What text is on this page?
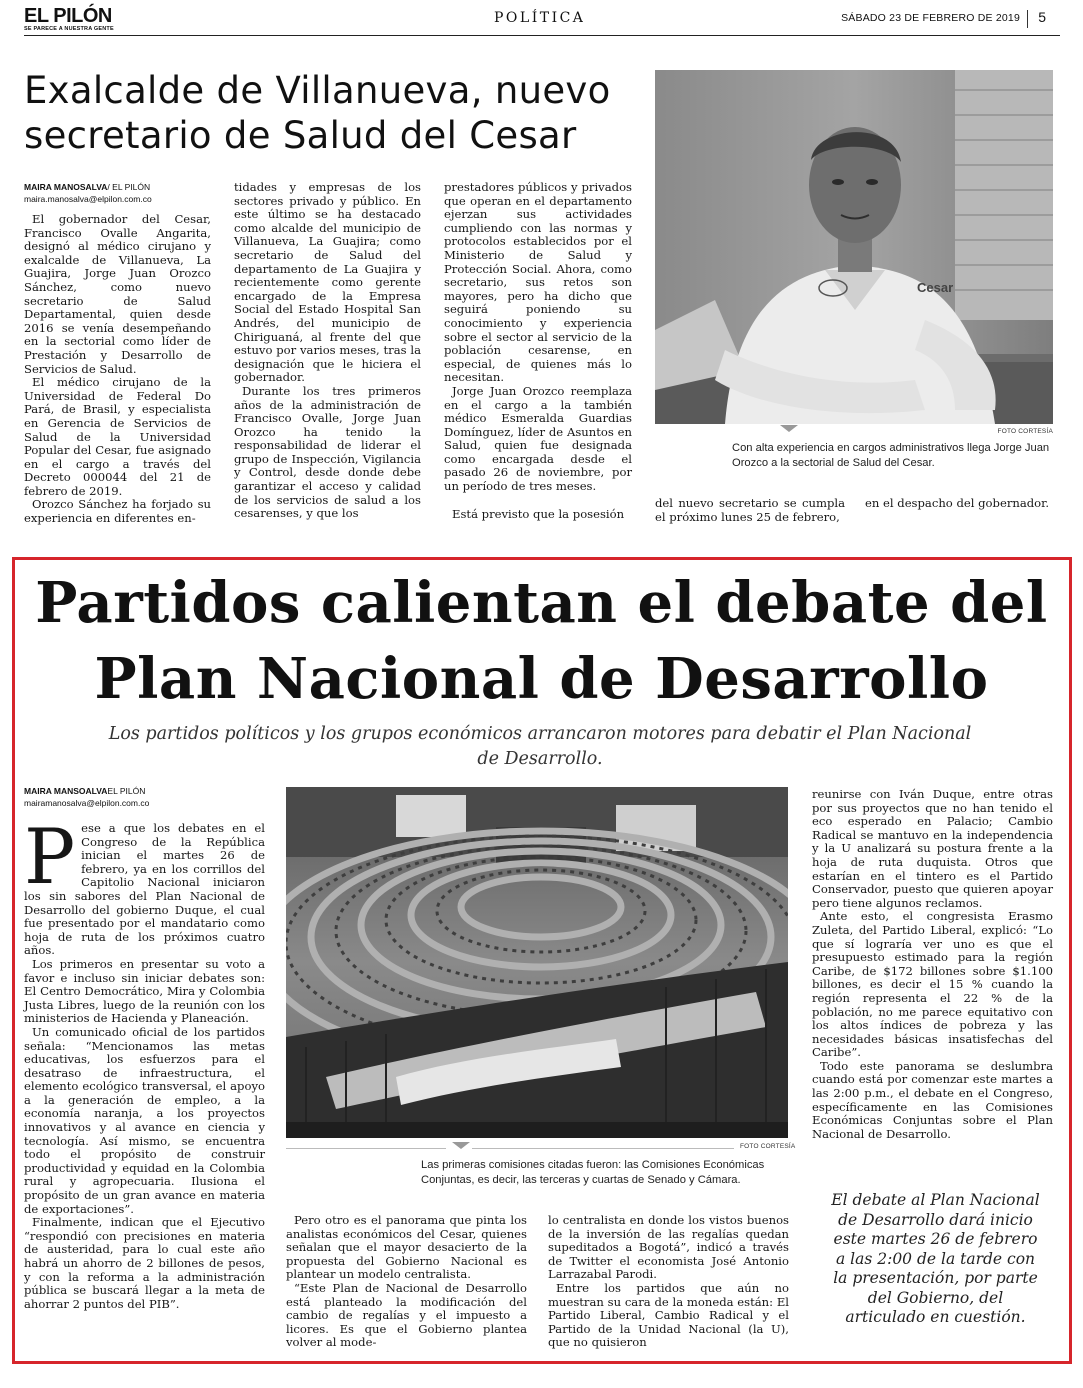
EL PILÓN
SE PARECE A NUESTRA GENTE
POLÍTICA	SÁBADO 23 DE FEBRERO DE 2019 5
Exalcalde de Villanueva, nuevo
secretario de Salud del Cesar
MAIRA MANOSALVA/ EL PILÓN
maira.manosalva@elpilon.com.co

El gobernador del Cesar, Francisco Ovalle Angarita, designó al médico cirujano y exalcalde de Villanueva, La Guajira, Jorge Juan Orozco Sánchez, como nuevo secretario de Salud Departamental, quien desde 2016 se venía desempeñando en la sectorial como líder de Prestación y Desarrollo de Servicios de Salud.

El médico cirujano de la Universidad de Federal Do Pará, de Brasil, y especialista en Gerencia de Servicios de Salud de la Universidad Popular del Cesar, fue asignado en el cargo a través del Decreto 000044 del 21 de febrero de 2019.

Orozco Sánchez ha forjado su experiencia en diferentes en-

tidades y empresas de los sectores privado y público. En este último se ha destacado como alcalde del municipio de Villanueva, La Guajira; como secretario de Salud del departamento de La Guajira y recientemente como gerente encargado de la Empresa Social del Estado Hospital San Andrés, del municipio de Chiriguaná, al frente del que estuvo por varios meses, tras la designación que le hiciera el gobernador.

Durante los tres primeros años de la administración de Francisco Ovalle, Jorge Juan Orozco ha tenido la responsabilidad de liderar el grupo de Inspección, Vigilancia y Control, desde donde debe garantizar el acceso y calidad de los servicios de salud a los cesarenses, y que los

prestadores públicos y privados que operan en el departamento ejerzan sus actividades cumpliendo con las normas y protocolos establecidos por el Ministerio de Salud y Protección Social. Ahora, como secretario, sus retos son mayores, pero ha dicho que seguirá poniendo su conocimiento y experiencia sobre el sector al servicio de la población cesarense, en especial, de quienes más lo necesitan.

Jorge Juan Orozco reemplaza en el cargo a la también médico Esmeralda Guardias Domínguez, líder de Asuntos en Salud, quien fue designada como encargada desde el pasado 26 de noviembre, por un período de tres meses.

Está previsto que la posesión

Cesar
FOTO CORTESÍA
Con alta experiencia en cargos administrativos llega Jorge Juan Orozco a la sectorial de Salud del Cesar.

del nuevo secretario se cumpla el próximo lunes 25 de febrero,

en el despacho del gobernador.

Partidos calientan el debate del
Plan Nacional de Desarrollo

Los partidos políticos y los grupos económicos arrancaron motores para debatir el Plan Nacional de Desarrollo.

MAIRA MANSOALVAEL PILÓN
mairamanosalva@elpilon.com.co

Pese a que los debates en el Congreso de la República inician el martes 26 de febrero, ya en los corrillos del Capitolio Nacional iniciaron los sin sabores del Plan Nacional de Desarrollo del gobierno Duque, el cual fue presentado por el mandatario como hoja de ruta de los próximos cuatro años.

Los primeros en presentar su voto a favor e incluso sin iniciar debates son: El Centro Democrático, Mira y Colombia Justa Libres, luego de la reunión con los ministerios de Hacienda y Planeación.

Un comunicado oficial de los partidos señala: “Mencionamos las metas educativas, los esfuerzos para el desatraso de infraestructura, el elemento ecológico transversal, el apoyo a la generación de empleo, a la economía naranja, a los proyectos innovativos y al avance en ciencia y tecnología. Así mismo, se encuentra todo el propósito de construir productividad y equidad en la Colombia rural y agropecuaria. Ilusiona el propósito de un gran avance en materia de exportaciones”.

Finalmente, indican que el Ejecutivo “respondió con precisiones en materia de austeridad, para lo cual este año habrá un ahorro de 2 billones de pesos, y con la reforma a la administración pública se buscará llegar a la meta de ahorrar 2 puntos del PIB”.

FOTO CORTESÍA
Las primeras comisiones citadas fueron: las Comisiones Económicas Conjuntas, es decir, las terceras y cuartas de Senado y Cámara.

Pero otro es el panorama que pinta los analistas económicos del Cesar, quienes señalan que el mayor desacierto de la propuesta del Gobierno Nacional es plantear un modelo centralista.

“Este Plan de Nacional de Desarrollo está planteado la modificación del cambio de regalías y el impuesto a licores. Es que el Gobierno plantea volver al mode-

lo centralista en donde los vistos buenos de la inversión de las regalías quedan supeditados a Bogotá”, indicó a través de Twitter el economista José Antonio Larrazabal Parodi.

Entre los partidos que aún no muestran su cara de la moneda están: El Partido Liberal, Cambio Radical y el Partido de la Unidad Nacional (la U), que no quisieron

reunirse con Iván Duque, entre otras por sus proyectos que no han tenido el eco esperado en Palacio; Cambio Radical se mantuvo en la independencia y la U analizará su postura frente a la hoja de ruta duquista. Otros que estarían en el tintero es el Partido Conservador, puesto que quieren apoyar pero tiene algunos reclamos.

Ante esto, el congresista Erasmo Zuleta, del Partido Liberal, explicó: “Lo que sí lograría ver uno es que el presupuesto estimado para la región Caribe, de $172 billones sobre $1.100 billones, es decir el 15 % cuando la región representa el 22 % de la población, no me parece equitativo con los altos índices de pobreza y las necesidades básicas insatisfechas del Caribe”.

Todo este panorama se deslumbra cuando está por comenzar este martes a las 2:00 p.m., el debate en el Congreso, específicamente en las Comisiones Económicas Conjuntas sobre el Plan Nacional de Desarrollo.

El debate al Plan Nacional de Desarrollo dará inicio este martes 26 de febrero a las 2:00 de la tarde con la presentación, por parte del Gobierno, del articulado en cuestión.
